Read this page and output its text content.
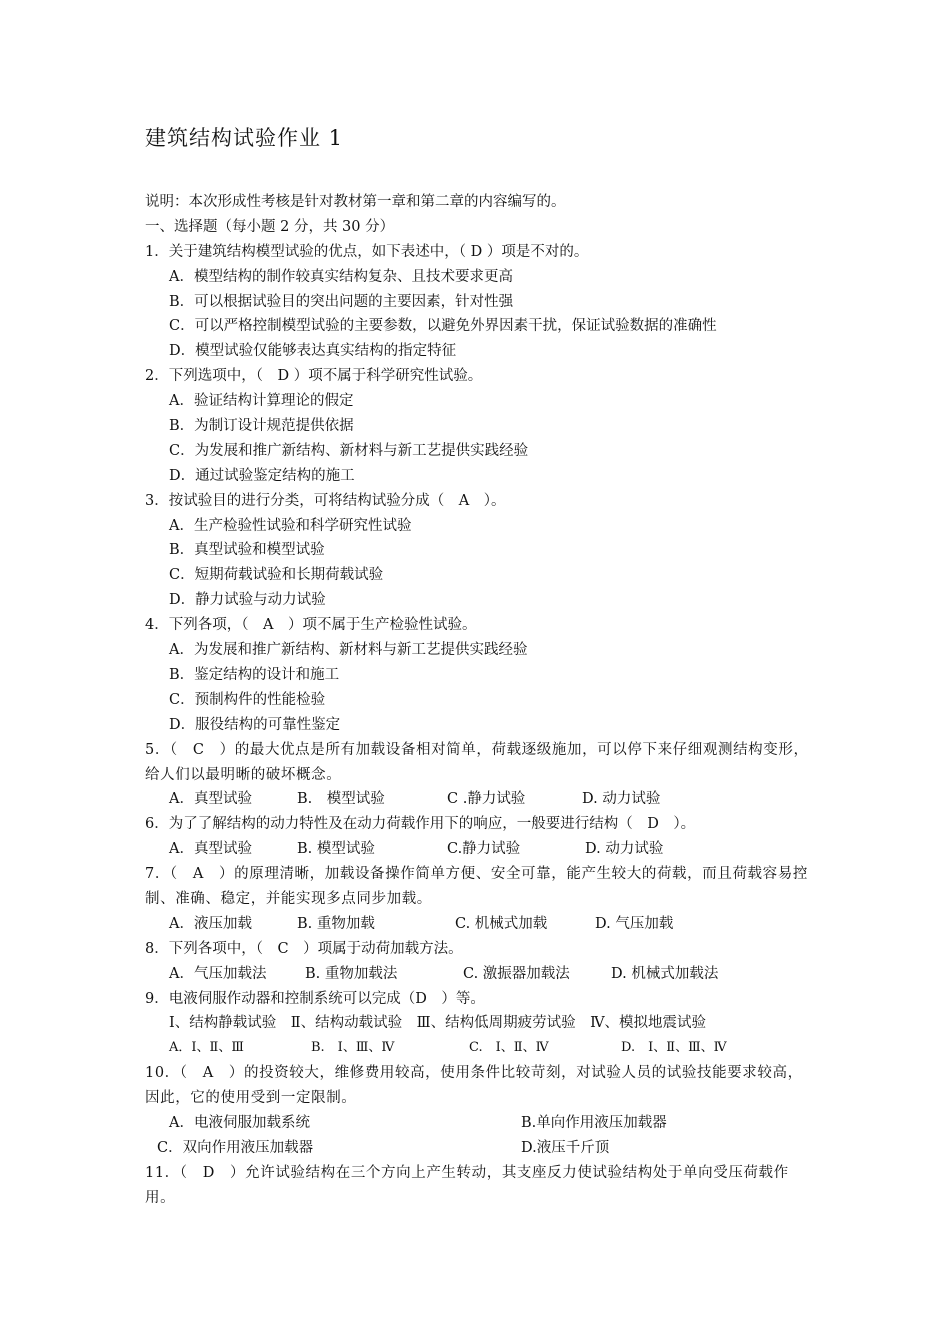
建筑结构试验作业 1
说明：本次形成性考核是针对教材第一章和第二章的内容编写的。
一、选择题（每小题 2 分，共 30 分）
1．关于建筑结构模型试验的优点，如下表述中，（ D ）项是不对的。
A．模型结构的制作较真实结构复杂、且技术要求更高
B．可以根据试验目的突出问题的主要因素，针对性强
C．可以严格控制模型试验的主要参数，以避免外界因素干扰，保证试验数据的准确性
D．模型试验仅能够表达真实结构的指定特征
2．下列选项中，（　D ）项不属于科学研究性试验。
A．验证结构计算理论的假定
B．为制订设计规范提供依据
C．为发展和推广新结构、新材料与新工艺提供实践经验
D．通过试验鉴定结构的施工
3．按试验目的进行分类，可将结构试验分成（　A　）。
A．生产检验性试验和科学研究性试验
B．真型试验和模型试验
C．短期荷载试验和长期荷载试验
D．静力试验与动力试验
4．下列各项，（　A　）项不属于生产检验性试验。
A．为发展和推广新结构、新材料与新工艺提供实践经验
B．鉴定结构的设计和施工
C．预制构件的性能检验
D．服役结构的可靠性鉴定
5．（　C　）的最大优点是所有加载设备相对简单，荷载逐级施加，可以停下来仔细观测结构变形，给人们以最明晰的破坏概念。
A．真型试验	B.　模型试验	C .静力试验	D. 动力试验
6．为了了解结构的动力特性及在动力荷载作用下的响应，一般要进行结构（　D　）。
A．真型试验	B. 模型试验	C.静力试验	D. 动力试验
7．（　A　）的原理清晰，加载设备操作简单方便、安全可靠，能产生较大的荷载，而且荷载容易控制、准确、稳定，并能实现多点同步加载。
A．液压加载	B. 重物加载	C. 机械式加载	D. 气压加载
8．下列各项中，（　C　）项属于动荷加载方法。
A．气压加载法	B. 重物加载法	C. 激振器加载法	D. 机械式加载法
9．电液伺服作动器和控制系统可以完成（D　）等。
Ⅰ、结构静载试验　Ⅱ、结构动载试验　Ⅲ、结构低周期疲劳试验　Ⅳ、模拟地震试验
A．Ⅰ、Ⅱ、Ⅲ	B.　Ⅰ、Ⅲ、Ⅳ	C.　Ⅰ、Ⅱ、Ⅳ	D.　Ⅰ、Ⅱ、Ⅲ、Ⅳ
10．（　A　）的投资较大，维修费用较高，使用条件比较苛刻，对试验人员的试验技能要求较高，因此，它的使用受到一定限制。
A．电液伺服加载系统	B.单向作用液压加载器
C．双向作用液压加载器	D.液压千斤顶
11．（　D　）允许试验结构在三个方向上产生转动，其支座反力使试验结构处于单向受压荷载作用。
